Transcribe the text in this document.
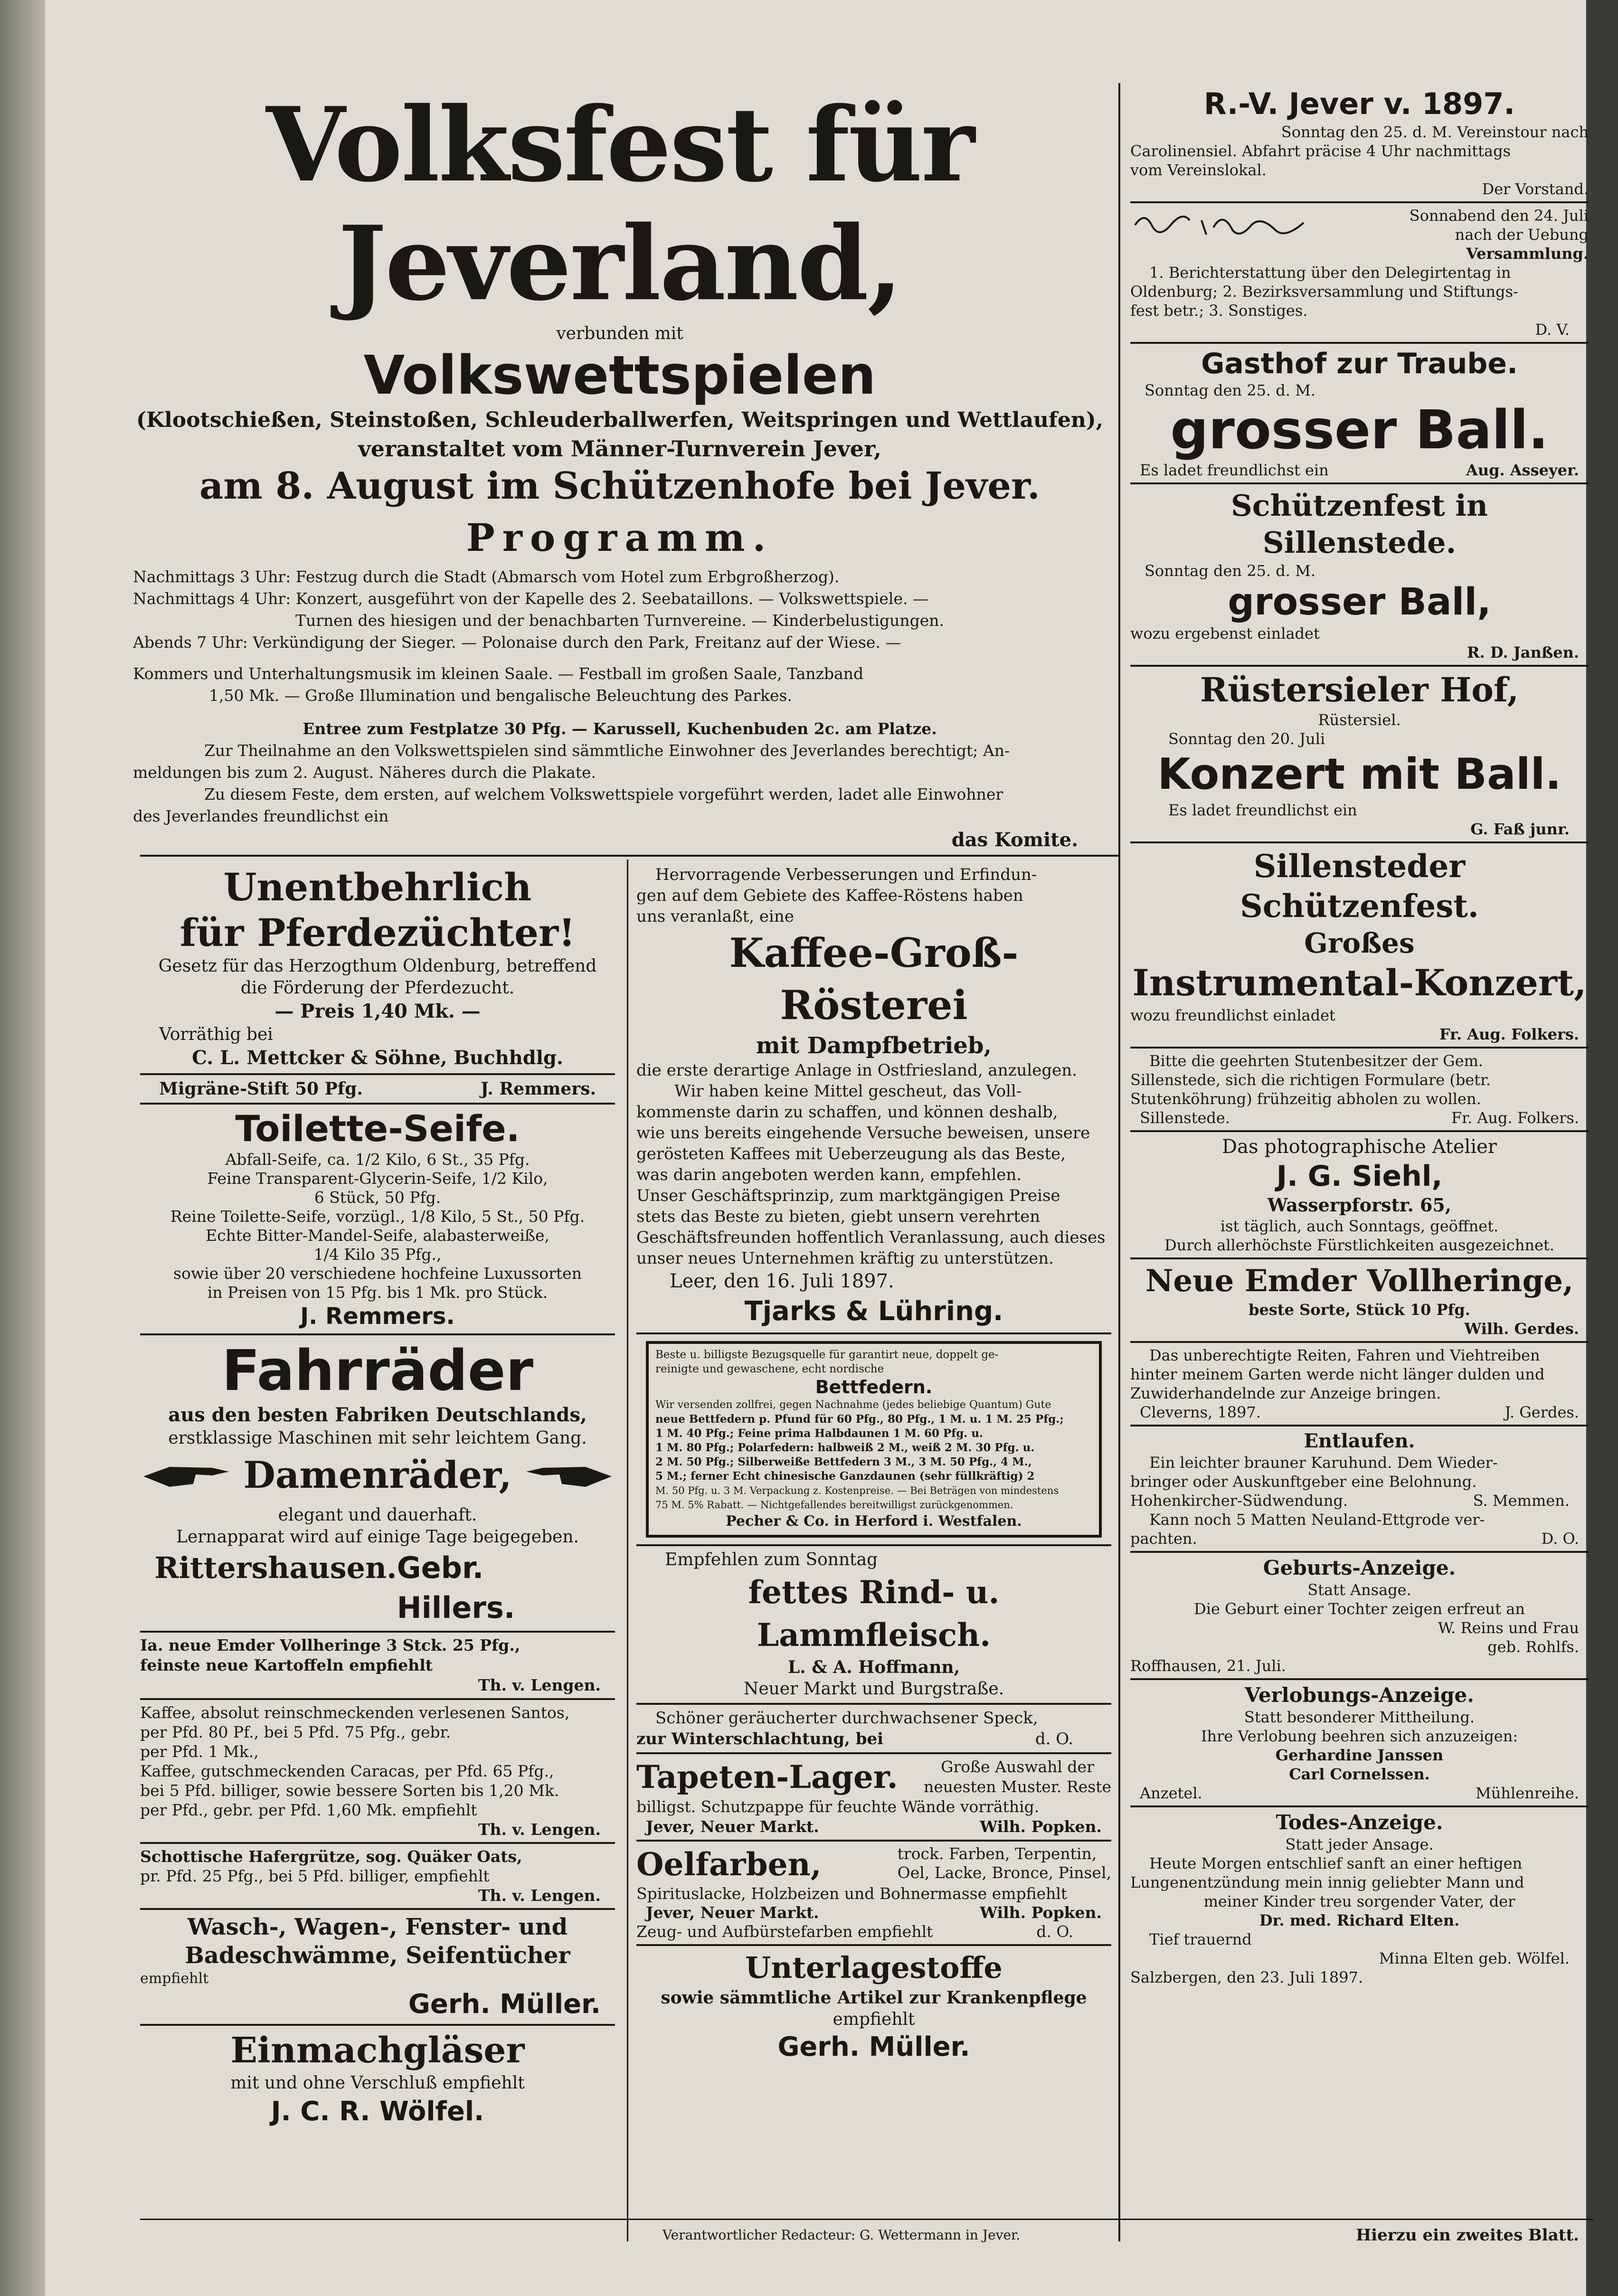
Volksfest für Jeverland,
verbunden mit
Volkswettspielen
(Klootschießen, Steinstoßen, Schleuderballwerfen, Weitspringen und Wettlaufen),
veranstaltet vom Männer-Turnverein Jever,
am 8. August im Schützenhofe bei Jever.
Programm.

Nachmittags 3 Uhr: Festzug durch die Stadt (Abmarsch vom Hotel zum Erbgroßherzog).

Nachmittags 4 Uhr: Konzert, ausgeführt von der Kapelle des 2. Seebataillons. — Volkswettspiele. —

Turnen des hiesigen und der benachbarten Turnvereine. — Kinderbelustigungen.

Abends 7 Uhr: Verkündigung der Sieger. — Polonaise durch den Park, Freitanz auf der Wiese. —

Kommers und Unterhaltungsmusik im kleinen Saale. — Festball im großen Saale, Tanzband

1,50 Mk. — Große Illumination und bengalische Beleuchtung des Parkes.

Entree zum Festplatze 30 Pfg. — Karussell, Kuchenbuden 2c. am Platze.

Zur Theilnahme an den Volkswettspielen sind sämmtliche Einwohner des Jeverlandes berechtigt; An-

meldungen bis zum 2. August. Näheres durch die Plakate.

Zu diesem Feste, dem ersten, auf welchem Volkswettspiele vorgeführt werden, ladet alle Einwohner

des Jeverlandes freundlichst ein

das Komite.
Unentbehrlich
für Pferdezüchter!
Gesetz für das Herzogthum Oldenburg, betreffend
die Förderung der Pferdezucht.
— Preis 1,40 Mk. —
Vorräthig bei
C. L. Mettcker & Söhne, Buchhdlg.
Migräne-Stift 50 Pfg.	J. Remmers.
Toilette-Seife.

Abfall-Seife, ca. 1/2 Kilo, 6 St., 35 Pfg.

Feine Transparent-Glycerin-Seife, 1/2 Kilo,

6 Stück, 50 Pfg.

Reine Toilette-Seife, vorzügl., 1/8 Kilo, 5 St., 50 Pfg.

Echte Bitter-Mandel-Seife, alabasterweiße,

1/4 Kilo 35 Pfg.,

sowie über 20 verschiedene hochfeine Luxussorten

in Preisen von 15 Pfg. bis 1 Mk. pro Stück.

J. Remmers.
Fahrräder
aus den besten Fabriken Deutschlands,
erstklassige Maschinen mit sehr leichtem Gang.
Damenräder,
elegant und dauerhaft.
Lernapparat wird auf einige Tage beigegeben.
Rittershausen. Gebr. Hillers.
Ia. neue Emder Vollheringe 3 Stck. 25 Pfg.,
feinste neue Kartoffeln empfiehlt
Th. v. Lengen.

Kaffee, absolut reinschmeckenden verlesenen Santos,

per Pfd. 80 Pf., bei 5 Pfd. 75 Pfg., gebr.

per Pfd. 1 Mk.,

Kaffee, gutschmeckenden Caracas, per Pfd. 65 Pfg.,

bei 5 Pfd. billiger, sowie bessere Sorten bis 1,20 Mk.

per Pfd., gebr. per Pfd. 1,60 Mk. empfiehlt

Th. v. Lengen.
Schottische Hafergrütze, sog. Quäker Oats,
pr. Pfd. 25 Pfg., bei 5 Pfd. billiger, empfiehlt
Th. v. Lengen.
Wasch-, Wagen-, Fenster- und
Badeschwämme, Seifentücher
empfiehlt
Gerh. Müller.
Einmachgläser
mit und ohne Verschluß empfiehlt
J. C. R. Wölfel.

Hervorragende Verbesserungen und Erfindun-

gen auf dem Gebiete des Kaffee-Röstens haben

uns veranlaßt, eine

Kaffee-Groß-Rösterei
mit Dampfbetrieb,

die erste derartige Anlage in Ostfriesland, anzulegen.

Wir haben keine Mittel gescheut, das Voll-

kommenste darin zu schaffen, und können deshalb,

wie uns bereits eingehende Versuche beweisen, unsere

gerösteten Kaffees mit Ueberzeugung als das Beste,

was darin angeboten werden kann, empfehlen.

Unser Geschäftsprinzip, zum marktgängigen Preise

stets das Beste zu bieten, giebt unsern verehrten

Geschäftsfreunden hoffentlich Veranlassung, auch dieses

unser neues Unternehmen kräftig zu unterstützen.

Leer, den 16. Juli 1897.
Tjarks & Lühring.
Beste u. billigste Bezugsquelle für garantirt neue, doppelt ge-
reinigte und gewaschene, echt nordische
Bettfedern.

Wir versenden zollfrei, gegen Nachnahme (jedes beliebige Quantum) Gute

neue Bettfedern p. Pfund für 60 Pfg., 80 Pfg., 1 M. u. 1 M. 25 Pfg.;

1 M. 40 Pfg.; Feine prima Halbdaunen 1 M. 60 Pfg. u.

1 M. 80 Pfg.; Polarfedern: halbweiß 2 M., weiß 2 M. 30 Pfg. u.

2 M. 50 Pfg.; Silberweiße Bettfedern 3 M., 3 M. 50 Pfg., 4 M.,

5 M.; ferner Echt chinesische Ganzdaunen (sehr füllkräftig) 2

M. 50 Pfg. u. 3 M. Verpackung z. Kostenpreise. — Bei Beträgen von mindestens

75 M. 5% Rabatt. — Nichtgefallendes bereitwilligst zurückgenommen.

Pecher & Co. in Herford i. Westfalen.
Empfehlen zum Sonntag
fettes Rind- u. Lammfleisch.
L. & A. Hoffmann,
Neuer Markt und Burgstraße.
Schöner geräucherter durchwachsener Speck,
zur Winterschlachtung, bei	d. O.
Tapeten-Lager.	Große Auswahl der
neuesten Muster. Reste
billigst. Schutzpappe für feuchte Wände vorräthig.
Jever, Neuer Markt.	Wilh. Popken.
Oelfarben,	trock. Farben, Terpentin,
Oel, Lacke, Bronce, Pinsel,
Spirituslacke, Holzbeizen und Bohnermasse empfiehlt
Jever, Neuer Markt.	Wilh. Popken.
Zeug- und Aufbürstefarben empfiehlt	d. O.
Unterlagestoffe
sowie sämmtliche Artikel zur Krankenpflege
empfiehlt
Gerh. Müller.
R.-V. Jever v. 1897.
Sonntag den 25. d. M. Vereinstour nach
Carolinensiel. Abfahrt präcise 4 Uhr nachmittags
vom Vereinslokal.
Der Vorstand.
Sonnabend den 24. Juli
nach der Uebung
Versammlung.
1. Berichterstattung über den Delegirtentag in
Oldenburg; 2. Bezirksversammlung und Stiftungs-
fest betr.; 3. Sonstiges.
D. V.
Gasthof zur Traube.
Sonntag den 25. d. M.
grosser Ball.
Es ladet freundlichst ein	Aug. Asseyer.
Schützenfest in Sillenstede.
Sonntag den 25. d. M.
grosser Ball,
wozu ergebenst einladet
R. D. Janßen.
Rüstersieler Hof,
Rüstersiel.
Sonntag den 20. Juli
Konzert mit Ball.
Es ladet freundlichst ein
G. Faß junr.
Sillensteder Schützenfest.
Großes
Instrumental-Konzert,
wozu freundlichst einladet
Fr. Aug. Folkers.
Bitte die geehrten Stutenbesitzer der Gem.
Sillenstede, sich die richtigen Formulare (betr.
Stutenköhrung) frühzeitig abholen zu wollen.
Sillenstede.	Fr. Aug. Folkers.
Das photographische Atelier
J. G. Siehl,
Wasserpforstr. 65,
ist täglich, auch Sonntags, geöffnet.
Durch allerhöchste Fürstlichkeiten ausgezeichnet.
Neue Emder Vollheringe,
beste Sorte, Stück 10 Pfg.
Wilh. Gerdes.
Das unberechtigte Reiten, Fahren und Viehtreiben
hinter meinem Garten werde nicht länger dulden und
Zuwiderhandelnde zur Anzeige bringen.
Cleverns, 1897.	J. Gerdes.
Entlaufen.
Ein leichter brauner Karuhund. Dem Wieder-
bringer oder Auskunftgeber eine Belohnung.
Hohenkircher-Südwendung.	S. Memmen.
Kann noch 5 Matten Neuland-Ettgrode ver-
pachten.	D. O.
Geburts-Anzeige.
Statt Ansage.
Die Geburt einer Tochter zeigen erfreut an
W. Reins und Frau
geb. Rohlfs.
Roffhausen, 21. Juli.
Verlobungs-Anzeige.
Statt besonderer Mittheilung.
Ihre Verlobung beehren sich anzuzeigen:
Gerhardine Janssen
Carl Cornelssen.
Anzetel.	Mühlenreihe.
Todes-Anzeige.
Statt jeder Ansage.
Heute Morgen entschlief sanft an einer heftigen
Lungenentzündung mein innig geliebter Mann und
meiner Kinder treu sorgender Vater, der
Dr. med. Richard Elten.
Tief trauernd
Minna Elten geb. Wölfel.
Salzbergen, den 23. Juli 1897.
Verantwortlicher Redacteur: G. Wettermann in Jever.	Hierzu ein zweites Blatt.
